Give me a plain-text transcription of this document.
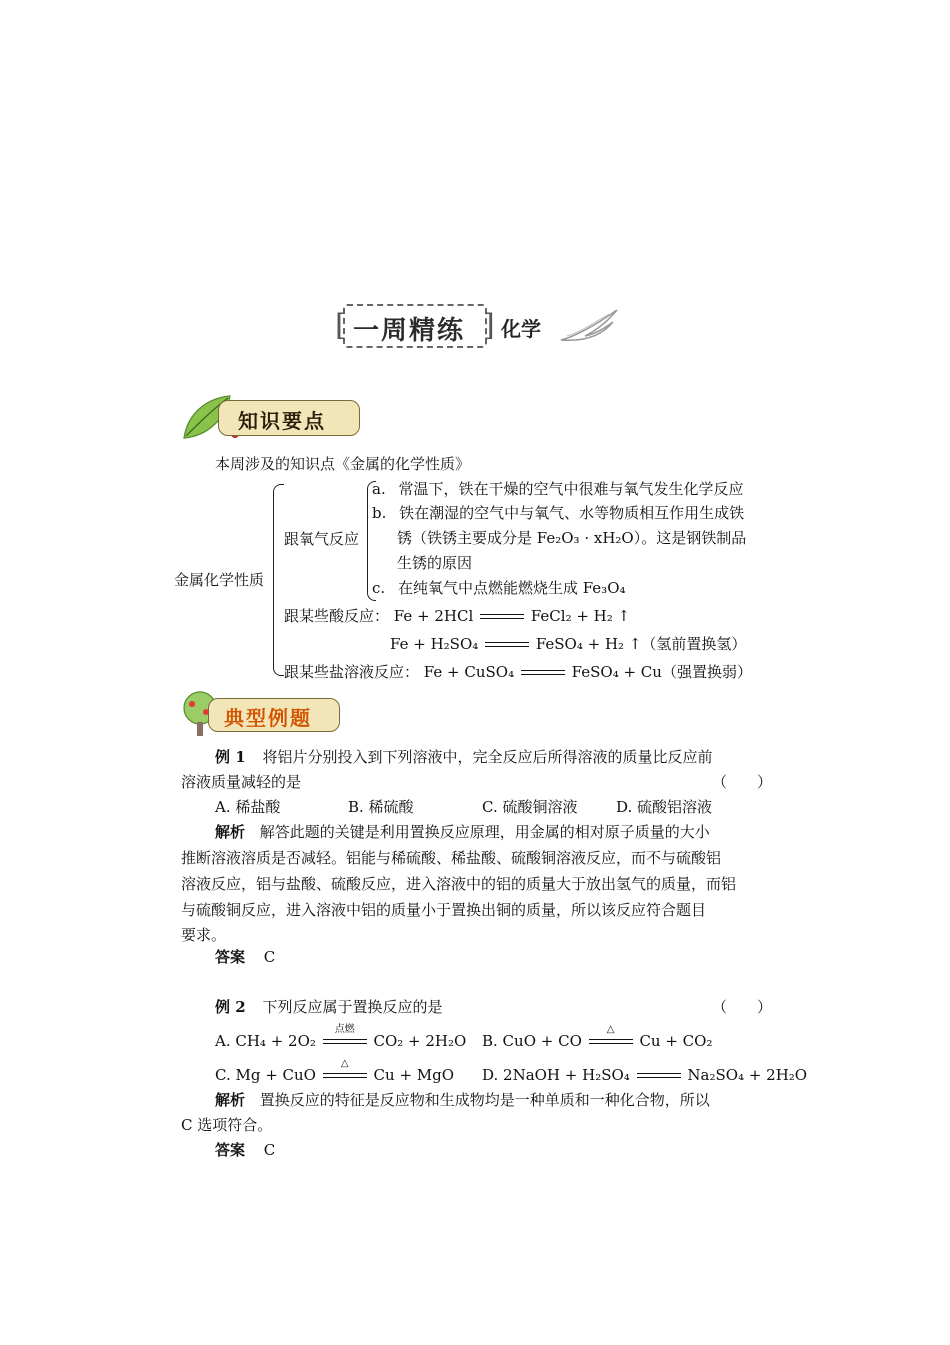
一周精练
[	] 化学
知识要点
本周涉及的知识点《金属的化学性质》
金属化学性质
跟氧气反应
a. 常温下，铁在干燥的空气中很难与氧气发生化学反应
b. 铁在潮湿的空气中与氧气、水等物质相互作用生成铁
锈（铁锈主要成分是 Fe₂O₃ · xH₂O）。这是钢铁制品
生锈的原因
c. 在纯氧气中点燃能燃烧生成 Fe₃O₄
跟某些酸反应： Fe + 2HCl	FeCl₂ + H₂ ↑
Fe + H₂SO₄	FeSO₄ + H₂ ↑（氢前置换氢）
跟某些盐溶液反应： Fe + CuSO₄	FeSO₄ + Cu（强置换弱）
典型例题
例 1 将铝片分别投入到下列溶液中，完全反应后所得溶液的质量比反应前
溶液质量减轻的是	（　　）
A. 稀盐酸	B. 稀硫酸	C. 硫酸铜溶液	D. 硫酸铝溶液
解析 解答此题的关键是利用置换反应原理，用金属的相对原子质量的大小
推断溶液溶质是否减轻。铝能与稀硫酸、稀盐酸、硫酸铜溶液反应，而不与硫酸铝
溶液反应，铝与盐酸、硫酸反应，进入溶液中的铝的质量大于放出氢气的质量，而铝
与硫酸铜反应，进入溶液中铝的质量小于置换出铜的质量，所以该反应符合题目
要求。
答案 C
例 2 下列反应属于置换反应的是	（　　）
A. CH₄ + 2O₂
点燃
CO₂ + 2H₂O B. CuO + CO
△
Cu + CO₂
C. Mg + CuO
△
Cu + MgO D. 2NaOH + H₂SO₄	Na₂SO₄ + 2H₂O
解析 置换反应的特征是反应物和生成物均是一种单质和一种化合物，所以
C 选项符合。
答案 C
